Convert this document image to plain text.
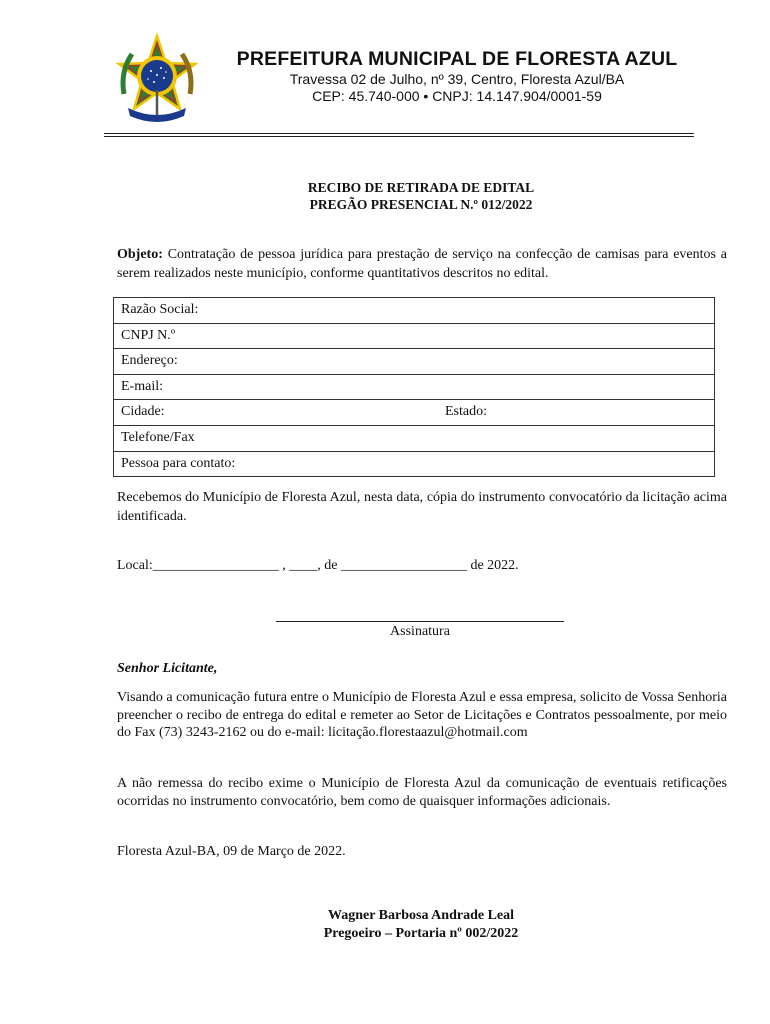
PREFEITURA MUNICIPAL DE FLORESTA AZUL
Travessa 02 de Julho, nº 39, Centro, Floresta Azul/BA
CEP: 45.740-000 • CNPJ: 14.147.904/0001-59
RECIBO DE RETIRADA DE EDITAL
PREGÃO PRESENCIAL N.º 012/2022
Objeto: Contratação de pessoa jurídica para prestação de serviço na confecção de camisas para eventos a serem realizados neste município, conforme quantitativos descritos no edital.
Razão Social:
CNPJ N.º
Endereço:
E-mail:
Cidade:	Estado:
Telefone/Fax
Pessoa para contato:
Recebemos do Município de Floresta Azul, nesta data, cópia do instrumento convocatório da licitação acima identificada.
Local:__________________ , ____, de __________________ de 2022.
Assinatura
Senhor Licitante,
Visando a comunicação futura entre o Município de Floresta Azul e essa empresa, solicito de Vossa Senhoria preencher o recibo de entrega do edital e remeter ao Setor de Licitações e Contratos pessoalmente, por meio do Fax (73) 3243-2162 ou do e-mail: licitação.florestaazul@hotmail.com
A não remessa do recibo exime o Município de Floresta Azul da comunicação de eventuais retificações ocorridas no instrumento convocatório, bem como de quaisquer informações adicionais.
Floresta Azul-BA, 09 de Março de 2022.
Wagner Barbosa Andrade Leal
Pregoeiro – Portaria nº 002/2022
